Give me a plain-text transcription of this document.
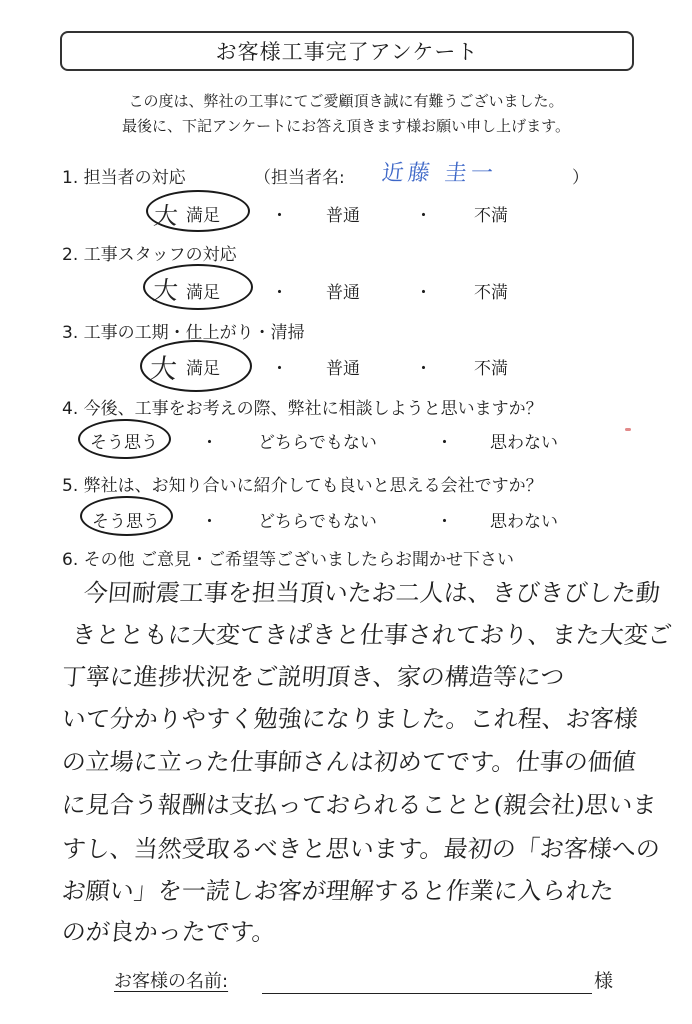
お客様工事完了アンケート
この度は、弊社の工事にてご愛顧頂き誠に有難うございました。
最後に、下記アンケートにお答え頂きます様お願い申し上げます。
1. 担当者の対応	（担当者名: 近藤 圭一	）
大 満足	・ 普通	・ 不満
2. 工事スタッフの対応
大 満足	・ 普通	・ 不満
3. 工事の工期・仕上がり・清掃
大 満足	・ 普通	・ 不満
4. 今後、工事をお考えの際、弊社に相談しようと思いますか？
そう思う	・ どちらでもない	・ 思わない
5. 弊社は、お知り合いに紹介しても良いと思える会社ですか？
そう思う ・ どちらでもない	・ 思わない
6. その他 ご意見・ご希望等ございましたらお聞かせ下さい
今回耐震工事を担当頂いたお二人は、きびきびした動
きとともに大変てきぱきと仕事されており、また大変ご
丁寧に進捗状況をご説明頂き、家の構造等につ
いて分かりやすく勉強になりました。これ程、お客様
の立場に立った仕事師さんは初めてです。仕事の価値
に見合う報酬は支払っておられることと(親会社)思いま
すし、当然受取るべきと思います。最初の「お客様への
お願い」を一読しお客が理解すると作業に入られた
のが良かったです。
お客様の名前:	様
